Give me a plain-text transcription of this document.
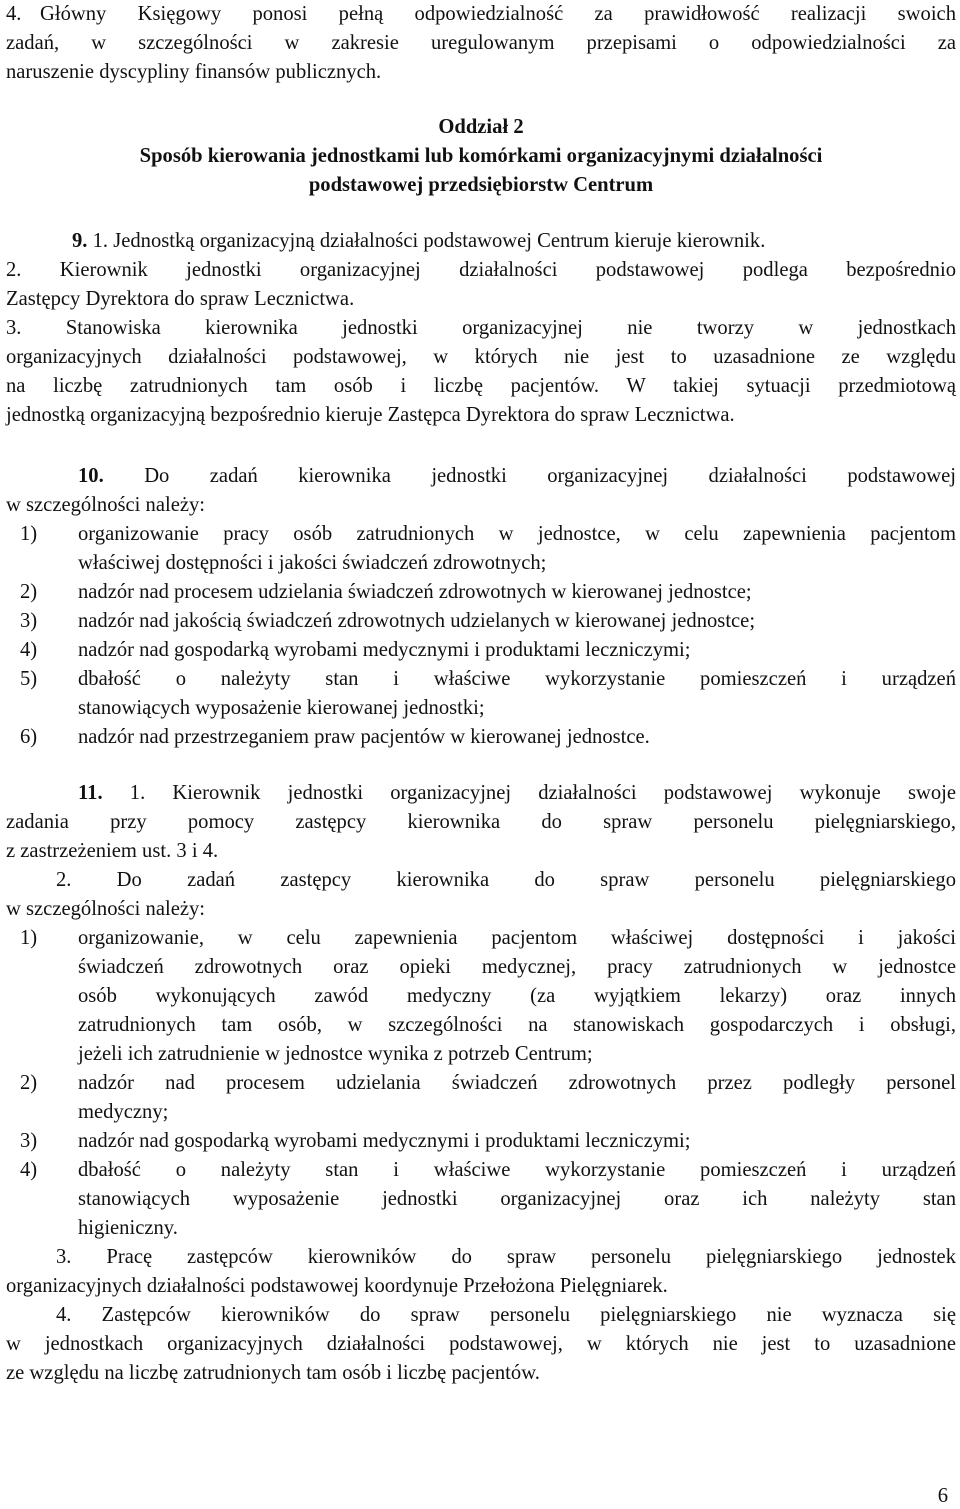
4. Główny Księgowy ponosi pełną odpowiedzialność za prawidłowość realizacji swoich

zadań, w szczególności w zakresie uregulowanym przepisami o odpowiedzialności za

naruszenie dyscypliny finansów publicznych.

Oddział 2

Sposób kierowania jednostkami lub komórkami organizacyjnymi działalności

podstawowej przedsiębiorstw Centrum

9. 1. Jednostką organizacyjną działalności podstawowej Centrum kieruje kierownik.

2. Kierownik jednostki organizacyjnej działalności podstawowej podlega bezpośrednio

Zastępcy Dyrektora do spraw Lecznictwa.

3. Stanowiska kierownika jednostki organizacyjnej nie tworzy w jednostkach

organizacyjnych działalności podstawowej, w których nie jest to uzasadnione ze względu

na liczbę zatrudnionych tam osób i liczbę pacjentów. W takiej sytuacji przedmiotową

jednostką organizacyjną bezpośrednio kieruje Zastępca Dyrektora do spraw Lecznictwa.

10. Do zadań kierownika jednostki organizacyjnej działalności podstawowej

w szczególności należy:

1)	organizowanie pracy osób zatrudnionych w jednostce, w celu zapewnienia pacjentom

właściwej dostępności i jakości świadczeń zdrowotnych;

2)	nadzór nad procesem udzielania świadczeń zdrowotnych w kierowanej jednostce;

3)	nadzór nad jakością świadczeń zdrowotnych udzielanych w kierowanej jednostce;

4)	nadzór nad gospodarką wyrobami medycznymi i produktami leczniczymi;

5)	dbałość o należyty stan i właściwe wykorzystanie pomieszczeń i urządzeń

stanowiących wyposażenie kierowanej jednostki;

6)	nadzór nad przestrzeganiem praw pacjentów w kierowanej jednostce.

11. 1. Kierownik jednostki organizacyjnej działalności podstawowej wykonuje swoje

zadania przy pomocy zastępcy kierownika do spraw personelu pielęgniarskiego,

z zastrzeżeniem ust. 3 i 4.

2. Do zadań zastępcy kierownika do spraw personelu pielęgniarskiego

w szczególności należy:

1)	organizowanie, w celu zapewnienia pacjentom właściwej dostępności i jakości

świadczeń zdrowotnych oraz opieki medycznej, pracy zatrudnionych w jednostce

osób wykonujących zawód medyczny (za wyjątkiem lekarzy) oraz innych

zatrudnionych tam osób, w szczególności na stanowiskach gospodarczych i obsługi,

jeżeli ich zatrudnienie w jednostce wynika z potrzeb Centrum;

2)	nadzór nad procesem udzielania świadczeń zdrowotnych przez podległy personel

medyczny;

3)	nadzór nad gospodarką wyrobami medycznymi i produktami leczniczymi;

4)	dbałość o należyty stan i właściwe wykorzystanie pomieszczeń i urządzeń

stanowiących wyposażenie jednostki organizacyjnej oraz ich należyty stan

higieniczny.

3. Pracę zastępców kierowników do spraw personelu pielęgniarskiego jednostek

organizacyjnych działalności podstawowej koordynuje Przełożona Pielęgniarek.

4. Zastępców kierowników do spraw personelu pielęgniarskiego nie wyznacza się

w jednostkach organizacyjnych działalności podstawowej, w których nie jest to uzasadnione

ze względu na liczbę zatrudnionych tam osób i liczbę pacjentów.

6
